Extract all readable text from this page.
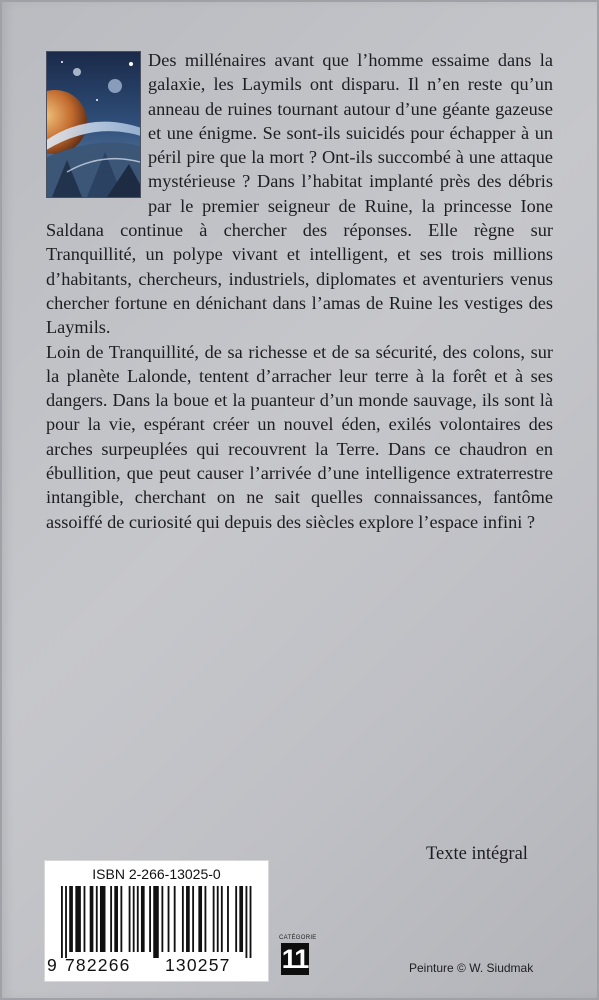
Des millénaires avant que l’homme essaime dans la galaxie, les Laymils ont disparu. Il n’en reste qu’un anneau de ruines tournant autour d’une géante gazeuse et une énigme. Se sont-ils suicidés pour échapper à un péril pire que la mort ? Ont-ils succombé à une attaque mystérieuse ? Dans l’habitat implanté près des débris par le premier seigneur de Ruine, la princesse Ione Saldana continue à chercher des réponses. Elle règne sur Tranquillité, un polype vivant et intelligent, et ses trois millions d’habitants, chercheurs, industriels, diplomates et aventuriers venus chercher fortune en dénichant dans l’amas de Ruine les vestiges des Laymils.

Loin de Tranquillité, de sa richesse et de sa sécurité, des colons, sur la planète Lalonde, tentent d’arracher leur terre à la forêt et à ses dangers. Dans la boue et la puanteur d’un monde sauvage, ils sont là pour la vie, espérant créer un nouvel éden, exilés volontaires des arches surpeuplées qui recouvrent la Terre. Dans ce chaudron en ébullition, que peut causer l’arrivée d’une intelligence extraterrestre intangible, cherchant on ne sait quelles connaissances, fantôme assoiffé de curiosité qui depuis des siècles explore l’espace infini ?

Texte intégral
ISBN 2-266-13025-0
9 782266 130257
CATÉGORIE
11	Peinture © W. Siudmak
